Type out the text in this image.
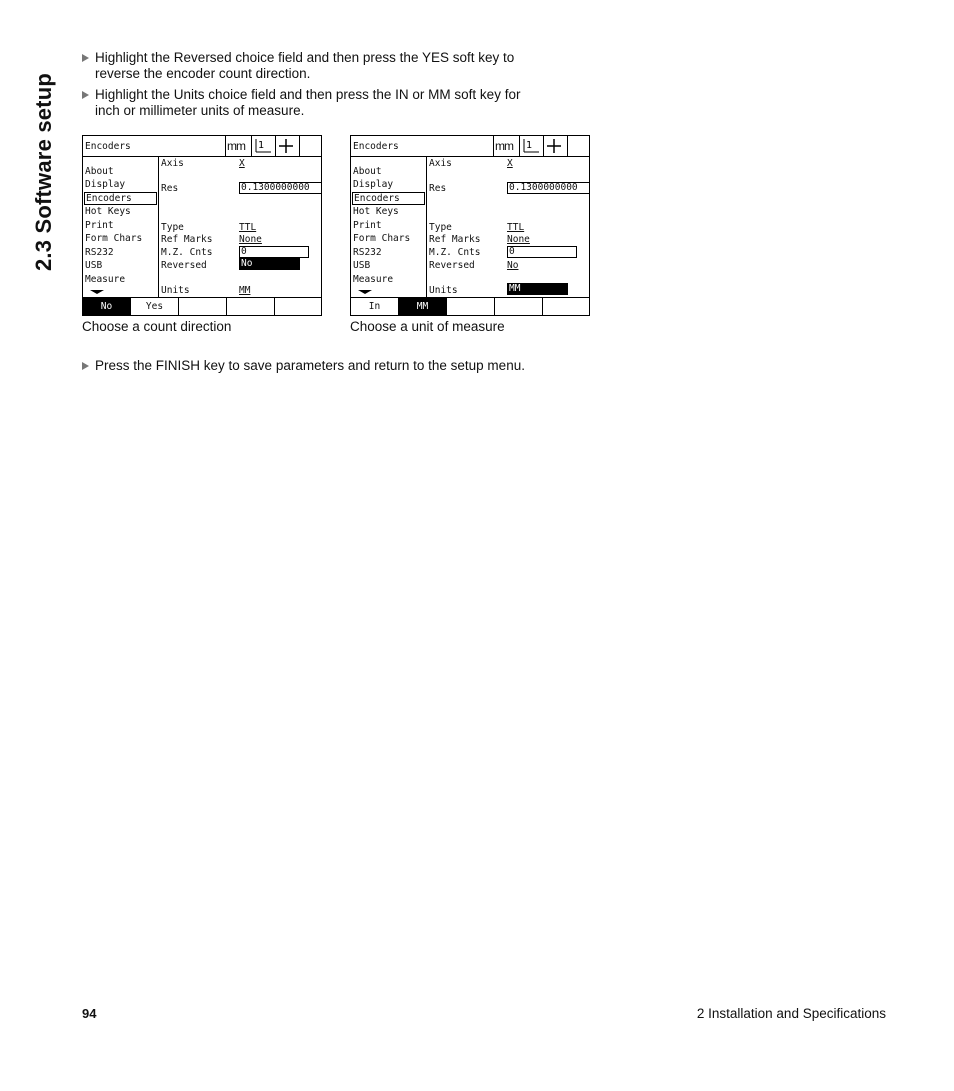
2.3 Software setup
Highlight the Reversed choice field and then press the YES soft key to reverse the encoder count direction.
Highlight the Units choice field and then press the IN or MM soft key for inch or millimeter units of measure.
Encoders	mm 1
About
Display
Encoders
Hot Keys
Print
Form Chars
RS232
USB
Measure
Axis	X
Res	0.1300000000
Type	TTL
Ref Marks	None
M.Z. Cnts	0
Reversed	No
Units	MM
No	Yes
Choose a count direction
Encoders	mm 1
About
Display
Encoders
Hot Keys
Print
Form Chars
RS232
USB
Measure
Axis	X
Res	0.1300000000
Type	TTL
Ref Marks	None
M.Z. Cnts	0
Reversed	No
Units	MM
In	MM
Choose a unit of measure
Press the FINISH key to save parameters and return to the setup menu.
94	2 Installation and Specifications
